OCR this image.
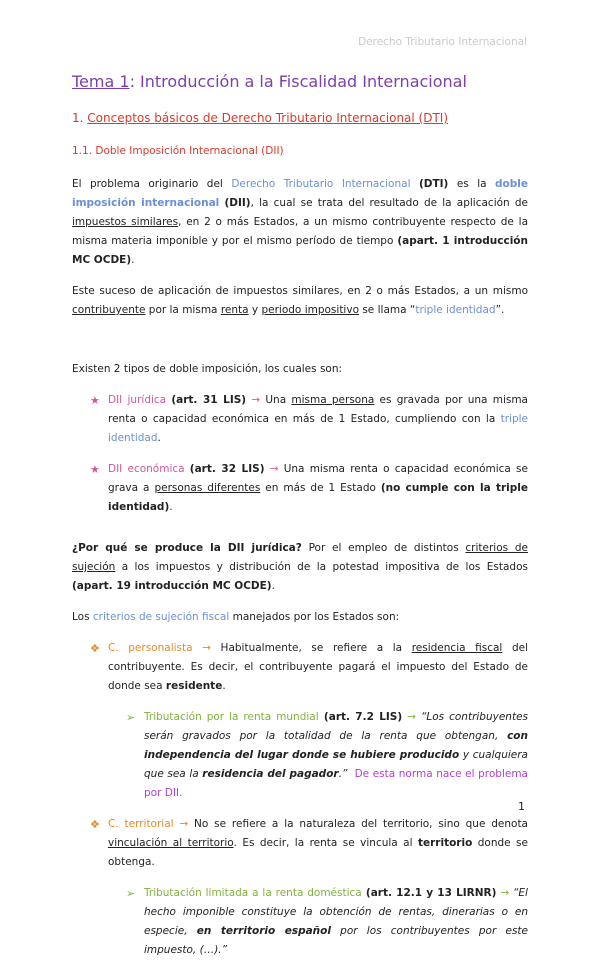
Derecho Tributario Internacional
Tema 1: Introducción a la Fiscalidad Internacional
1. Conceptos básicos de Derecho Tributario Internacional (DTI)
1.1. Doble Imposición Internacional (DII)

El problema originario del Derecho Tributario Internacional (DTI) es la doble imposición internacional (DII), la cual se trata del resultado de la aplicación de impuestos similares, en 2 o más Estados, a un mismo contribuyente respecto de la misma materia imponible y por el mismo período de tiempo (apart. 1 introducción MC OCDE).

Este suceso de aplicación de impuestos similares, en 2 o más Estados, a un mismo contribuyente por la misma renta y periodo impositivo se llama “triple identidad”.

Existen 2 tipos de doble imposición, los cuales son:

★ DII jurídica (art. 31 LIS) → Una misma persona es gravada por una misma renta o capacidad económica en más de 1 Estado, cumpliendo con la triple identidad.

★ DII económica (art. 32 LIS) → Una misma renta o capacidad económica se grava a personas diferentes en más de 1 Estado (no cumple con la triple identidad).

¿Por qué se produce la DII jurídica? Por el empleo de distintos criterios de sujeción a los impuestos y distribución de la potestad impositiva de los Estados (apart. 19 introducción MC OCDE).

Los criterios de sujeción fiscal manejados por los Estados son:

❖ C. personalista → Habitualmente, se refiere a la residencia fiscal del contribuyente. Es decir, el contribuyente pagará el impuesto del Estado de donde sea residente.

➢ Tributación por la renta mundial (art. 7.2 LIS) → “Los contribuyentes serán gravados por la totalidad de la renta que obtengan, con independencia del lugar donde se hubiere producido y cualquiera que sea la residencia del pagador.” De esta norma nace el problema por DII.

❖ C. territorial → No se refiere a la naturaleza del territorio, sino que denota vinculación al territorio. Es decir, la renta se vincula al territorio donde se obtenga.

➢ Tributación limitada a la renta doméstica (art. 12.1 y 13 LIRNR) → “El hecho imponible constituye la obtención de rentas, dinerarias o en especie, en territorio español por los contribuyentes por este impuesto, (…).”

1
